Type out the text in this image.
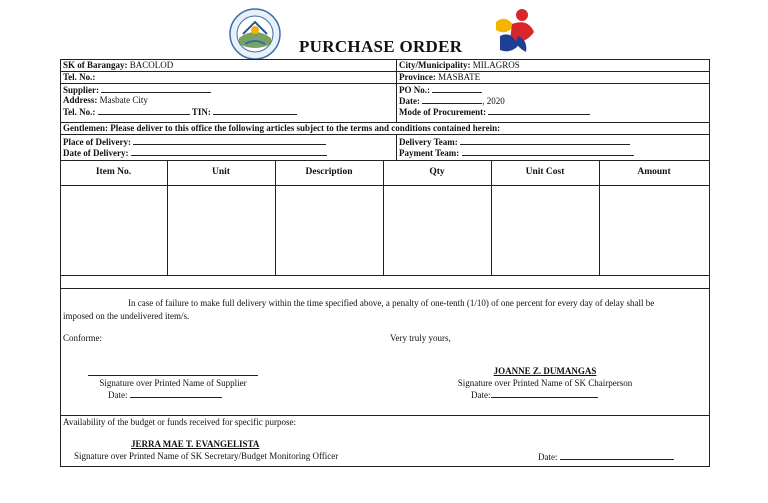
PURCHASE ORDER
SK of Barangay: BACOLOD	City/Municipality: MILAGROS
Tel. No.:	Province: MASBATE
Supplier:
Address: Masbate City
Tel. No.:	TIN:
PO No.:
Date:	, 2020
Mode of Procurement:
Gentlemen: Please deliver to this office the following articles subject to the terms and conditions contained herein:
Place of Delivery:
Date of Delivery:
Delivery Team:
Payment Team:
Item No.	Unit	Description	Qty	Unit Cost	Amount
In case of failure to make full delivery within the time specified above, a penalty of one-tenth (1/10) of one percent for every day of delay shall be
imposed on the undelivered item/s.
Conforme:	Very truly yours,
Signature over Printed Name of Supplier
Date:
JOANNE Z. DUMANGAS
Signature over Printed Name of SK Chairperson
Date:
Availability of the budget or funds received for specific purpose:
JERRA MAE T. EVANGELISTA
Signature over Printed Name of SK Secretary/Budget Monitoring Officer	Date:
